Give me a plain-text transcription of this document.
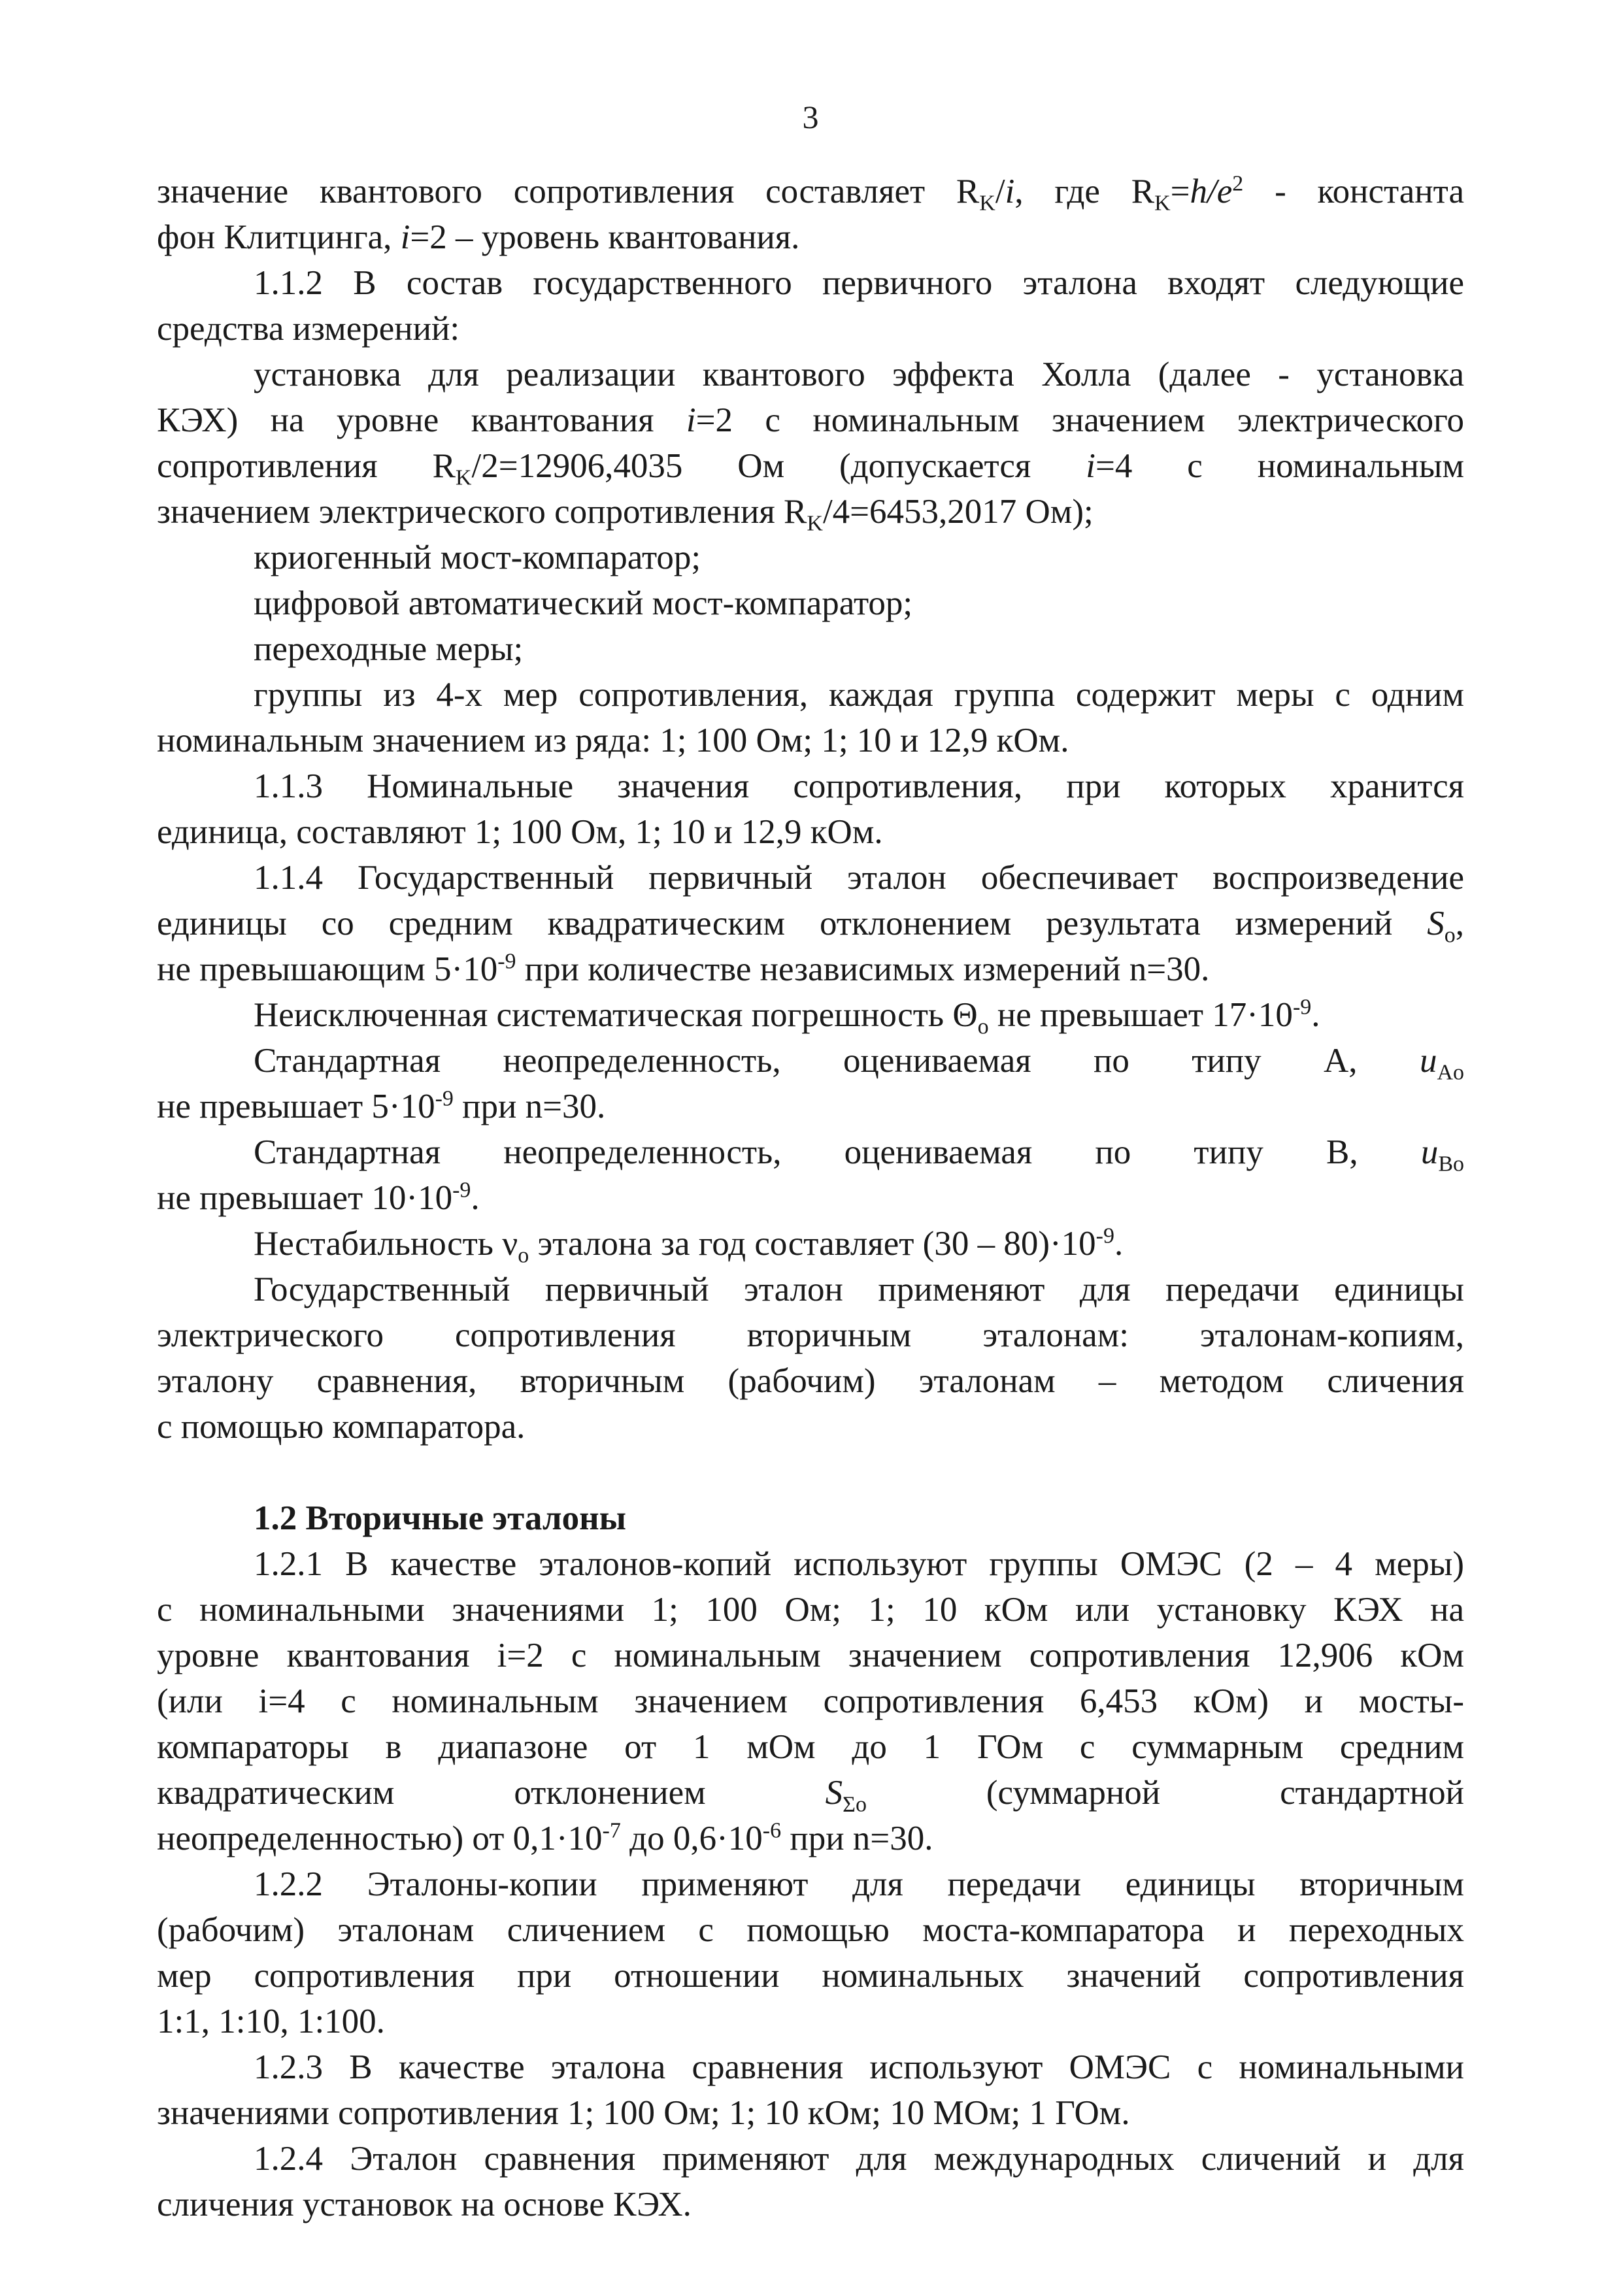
3

значение квантового сопротивления составляет $R_K/i$, где $R_K=h/e^2$ - константа

фон Клитцинга, i=2 – уровень квантования.

1.1.2 В состав государственного первичного эталона входят следующие

средства измерений:

установка для реализации квантового эффекта Холла (далее - установка

КЭХ) на уровне квантования i=2 с номинальным значением электрического

сопротивления $R_K/2=12906,4035$ Ом (допускается i=4 с номинальным

значением электрического сопротивления $R_K/4=6453,2017$ Ом);

криогенный мост-компаратор;

цифровой автоматический мост-компаратор;

переходные меры;

группы из 4-х мер сопротивления, каждая группа содержит меры с одним

номинальным значением из ряда: 1; 100 Ом; 1; 10 и 12,9 кОм.

1.1.3 Номинальные значения сопротивления, при которых хранится

единица, составляют 1; 100 Ом, 1; 10 и 12,9 кОм.

1.1.4 Государственный первичный эталон обеспечивает воспроизведение

единицы со средним квадратическим отклонением результата измерений $S_o$,

не превышающим $5\cdot 10^{-9}$ при количестве независимых измерений n=30.

Неисключенная систематическая погрешность $\Theta_o$ не превышает $17\cdot 10^{-9}$.

Стандартная неопределенность, оцениваемая по типу А, $u_{Ao}$

не превышает $5\cdot 10^{-9}$ при n=30.

Стандартная неопределенность, оцениваемая по типу В, $u_{Bo}$

не превышает $10\cdot 10^{-9}$.

Нестабильность $\nu_o$ эталона за год составляет $(30 - 80)\cdot 10^{-9}$.

Государственный первичный эталон применяют для передачи единицы

электрического сопротивления вторичным эталонам: эталонам-копиям,

эталону сравнения, вторичным (рабочим) эталонам – методом сличения

с помощью компаратора.

1.2 Вторичные эталоны

1.2.1 В качестве эталонов-копий используют группы ОМЭС (2 – 4 меры)

с номинальными значениями 1; 100 Ом; 1; 10 кОм или установку КЭХ на

уровне квантования i=2 с номинальным значением сопротивления 12,906 кОм

(или i=4 с номинальным значением сопротивления 6,453 кОм) и мосты-

компараторы в диапазоне от 1 мОм до 1 ГОм с суммарным средним

квадратическим отклонением $S_{\Sigma o}$ (суммарной стандартной

неопределенностью) от $0,1\cdot 10^{-7}$ до $0,6\cdot 10^{-6}$ при n=30.

1.2.2 Эталоны-копии применяют для передачи единицы вторичным

(рабочим) эталонам сличением с помощью моста-компаратора и переходных

мер сопротивления при отношении номинальных значений сопротивления

1:1, 1:10, 1:100.

1.2.3 В качестве эталона сравнения используют ОМЭС с номинальными

значениями сопротивления 1; 100 Ом; 1; 10 кОм; 10 МОм; 1 ГОм.

1.2.4 Эталон сравнения применяют для международных сличений и для

сличения установок на основе КЭХ.
